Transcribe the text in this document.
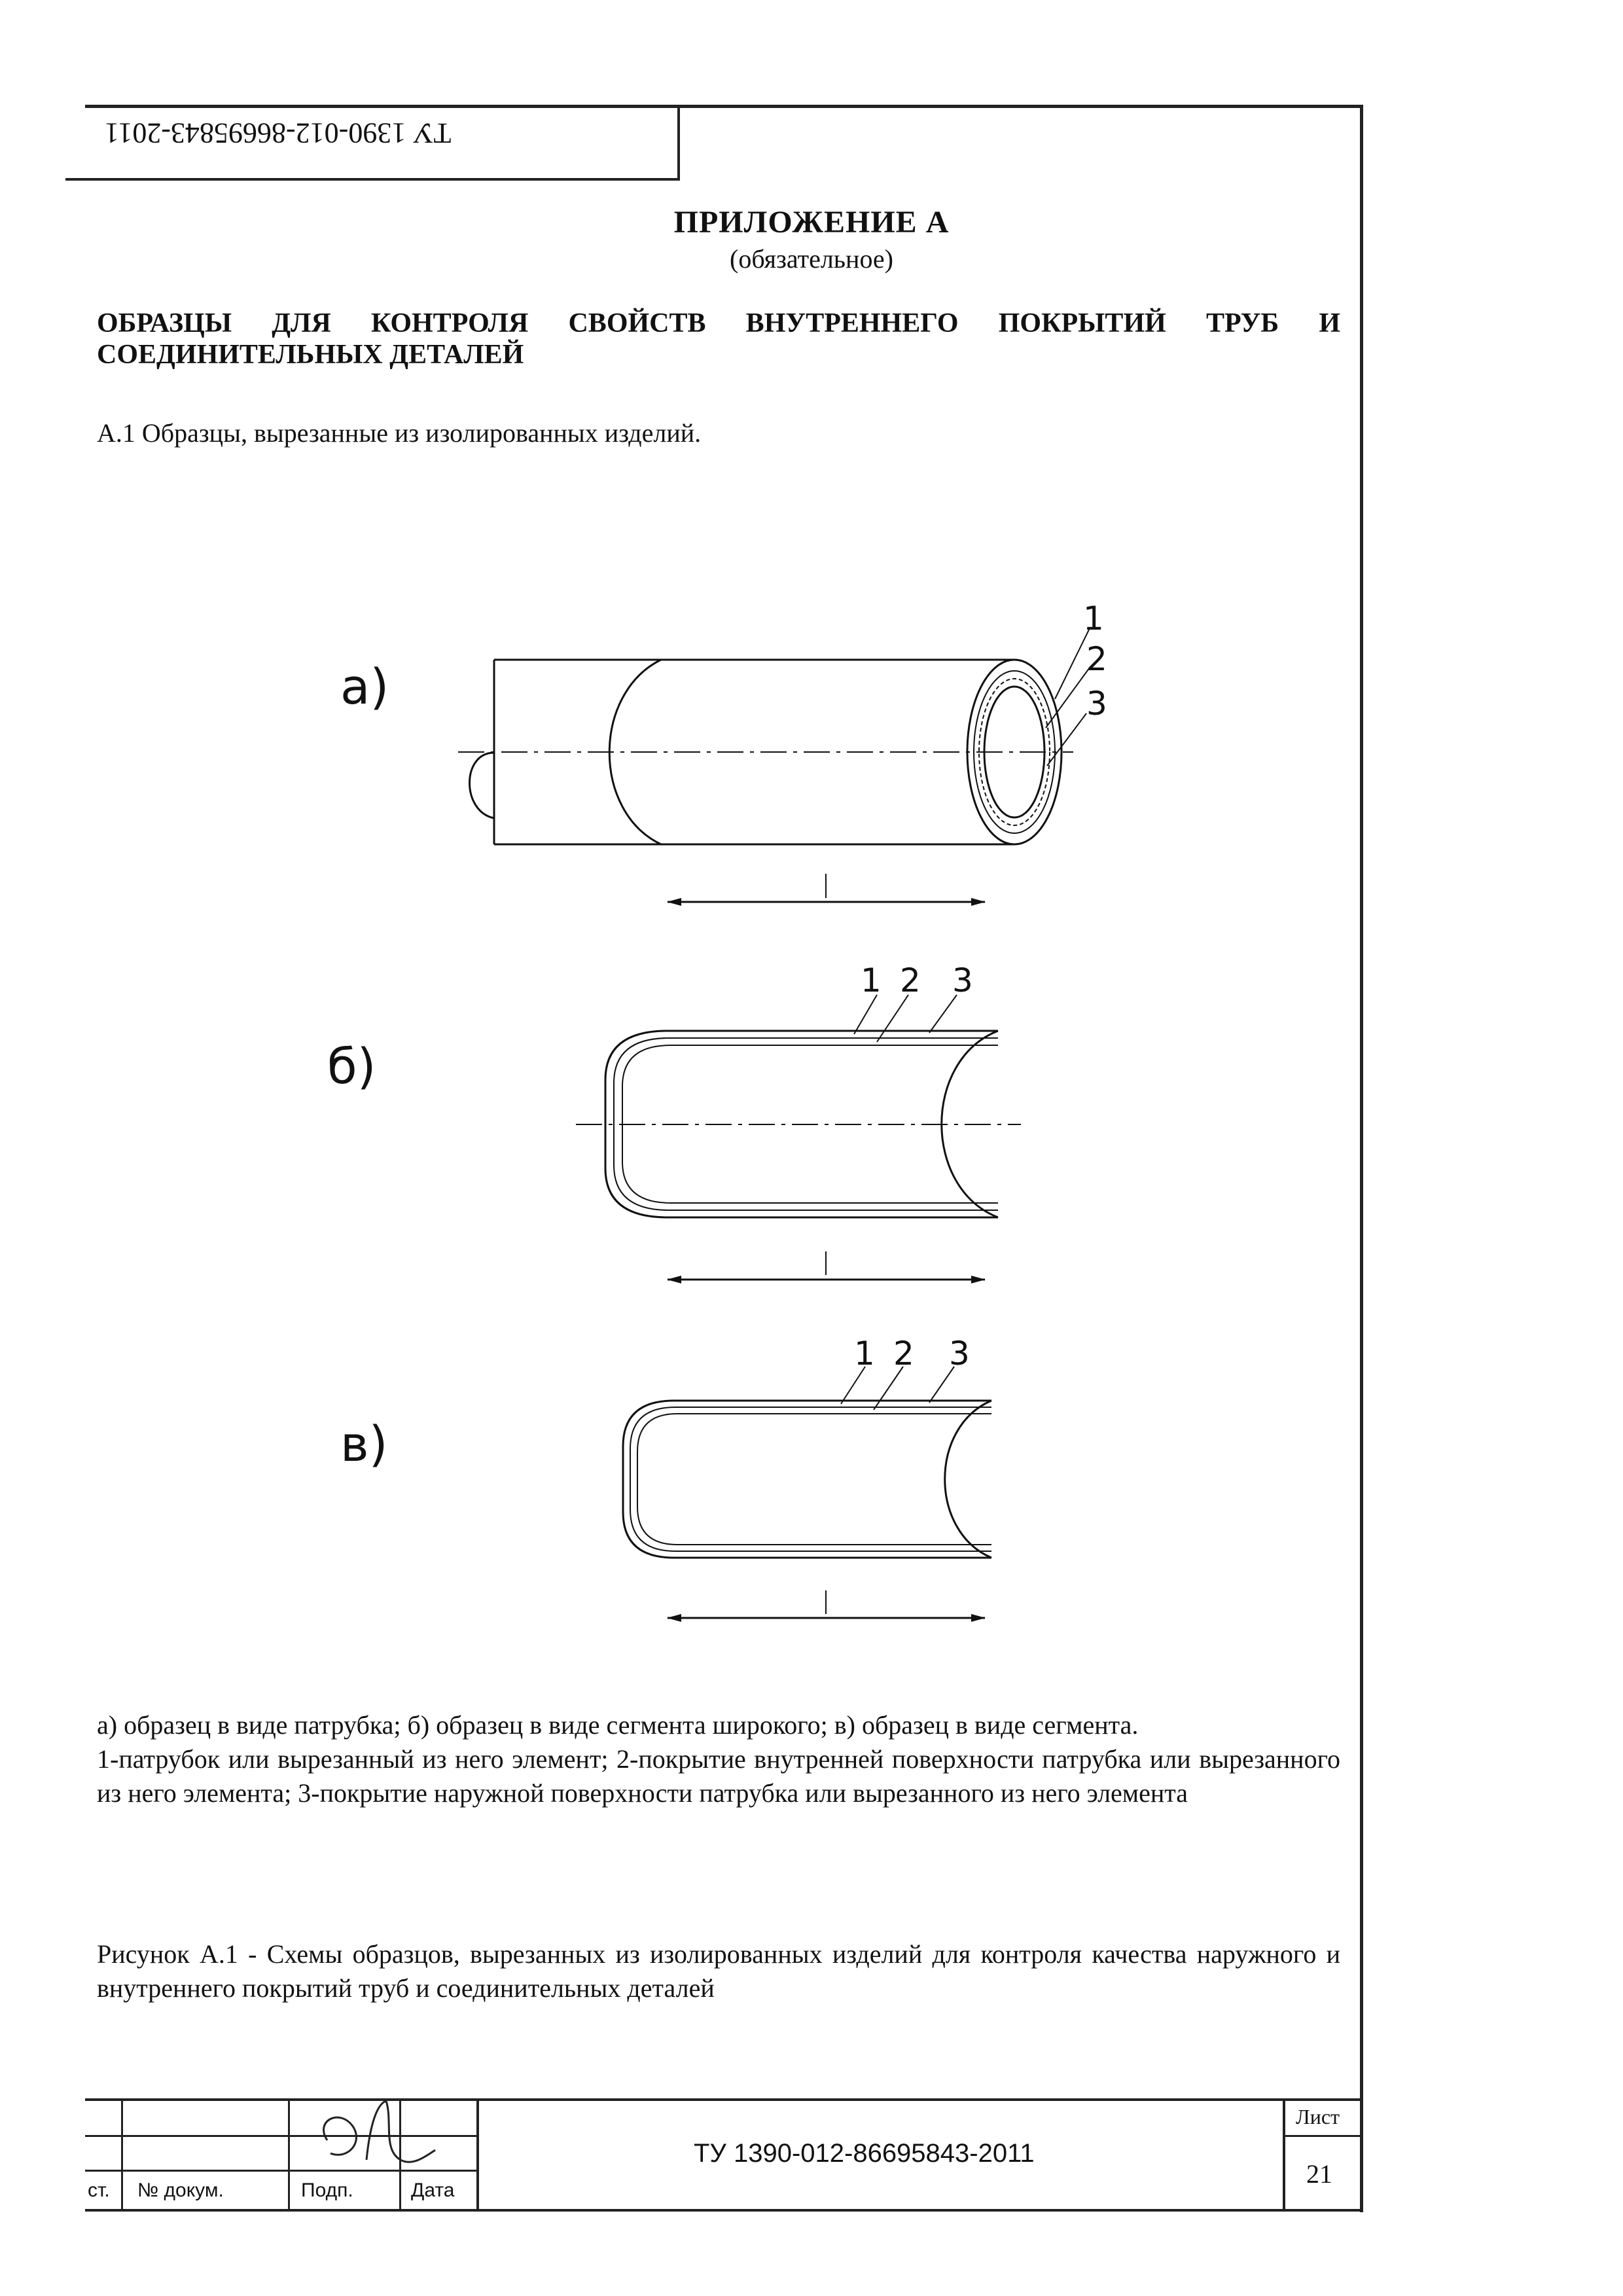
ТУ 1390-012-86695843-2011
ПРИЛОЖЕНИЕ А
(обязательное)
ОБРАЗЦЫ ДЛЯ КОНТРОЛЯ СВОЙСТВ ВНУТРЕННЕГО ПОКРЫТИЙ ТРУБ И СОЕДИНИТЕЛЬНЫХ ДЕТАЛЕЙ
А.1 Образцы, вырезанные из изолированных изделий.
а)
1
2
3
б)
1 2 3
в)
1 2 3

а) образец в виде патрубка; б) образец в виде сегмента широкого; в) образец в виде сегмента.

1-патрубок или вырезанный из него элемент; 2-покрытие внутренней поверхности патрубка или вырезанного из него элемента; 3-покрытие наружной поверхности патрубка или вырезанного из него элемента

Рисунок А.1 - Схемы образцов, вырезанных из изолированных изделий для контроля качества наружного и внутреннего покрытий труб и соединительных деталей
ст. № докум.	Подп.	Дата
ТУ 1390-012-86695843-2011
Лист
21
